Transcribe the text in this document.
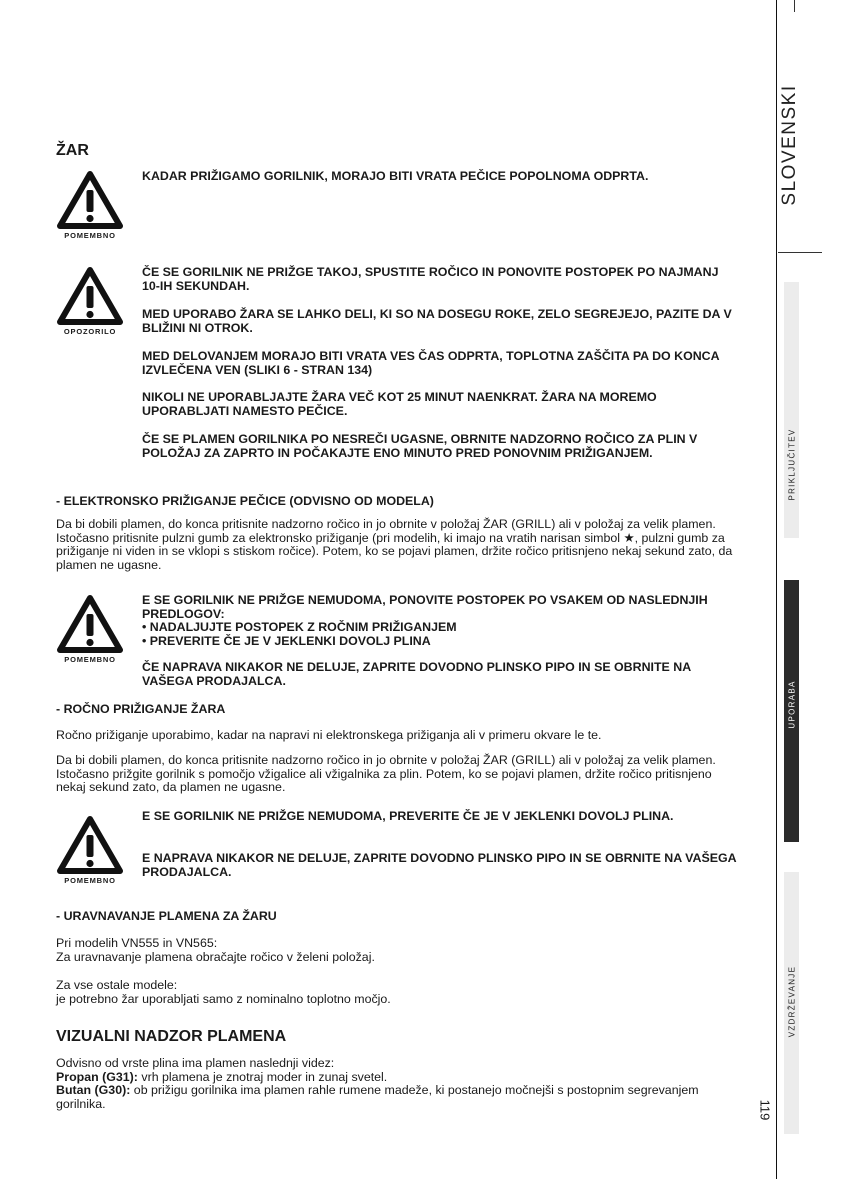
SLOVENSKI
PRIKLJUČITEV
UPORABA
VZDRŽEVANJE
119
ŽAR
POMEMBNO

KADAR PRIŽIGAMO GORILNIK, MORAJO BITI VRATA PEČICE POPOLNOMA ODPRTA.

OPOZORILO

ČE SE GORILNIK NE PRIŽGE TAKOJ, SPUSTITE ROČICO IN PONOVITE POSTOPEK PO NAJMANJ 10-IH SEKUNDAH.

MED UPORABO ŽARA SE LAHKO DELI, KI SO NA DOSEGU ROKE, ZELO SEGREJEJO, PAZITE DA V BLIŽINI NI OTROK.

MED DELOVANJEM MORAJO BITI VRATA VES ČAS ODPRTA, TOPLOTNA ZAŠČITA PA DO KONCA IZVLEČENA VEN (SLIKI 6 - STRAN 134)

NIKOLI NE UPORABLJAJTE ŽARA VEČ KOT 25 MINUT NAENKRAT. ŽARA NA MOREMO UPORABLJATI NAMESTO PEČICE.

ČE SE PLAMEN GORILNIKA PO NESREČI UGASNE, OBRNITE NADZORNO ROČICO ZA PLIN V POLOŽAJ ZA ZAPRTO IN POČAKAJTE ENO MINUTO PRED PONOVNIM PRIŽIGANJEM.

- ELEKTRONSKO PRIŽIGANJE PEČICE (ODVISNO OD MODELA)

Da bi dobili plamen, do konca pritisnite nadzorno ročico in jo obrnite v položaj ŽAR (GRILL) ali v položaj za velik plamen. Istočasno pritisnite pulzni gumb za elektronsko prižiganje (pri modelih, ki imajo na vratih narisan simbol ★, pulzni gumb za prižiganje ni viden in se vklopi s stiskom ročice). Potem, ko se pojavi plamen, držite ročico pritisnjeno nekaj sekund zato, da plamen ne ugasne.

POMEMBNO

E SE GORILNIK NE PRIŽGE NEMUDOMA, PONOVITE POSTOPEK PO VSAKEM OD NASLEDNJIH PREDLOGOV:

• NADALJUJTE POSTOPEK Z ROČNIM PRIŽIGANJEM

• PREVERITE ČE JE V JEKLENKI DOVOLJ PLINA

ČE NAPRAVA NIKAKOR NE DELUJE, ZAPRITE DOVODNO PLINSKO PIPO IN SE OBRNITE NA VAŠEGA PRODAJALCA.

- ROČNO PRIŽIGANJE ŽARA

Ročno prižiganje uporabimo, kadar na napravi ni elektronskega prižiganja ali v primeru okvare le te.

Da bi dobili plamen, do konca pritisnite nadzorno ročico in jo obrnite v položaj ŽAR (GRILL) ali v položaj za velik plamen. Istočasno prižgite gorilnik s pomočjo vžigalice ali vžigalnika za plin. Potem, ko se pojavi plamen, držite ročico pritisnjeno nekaj sekund zato, da plamen ne ugasne.

POMEMBNO

E SE GORILNIK NE PRIŽGE NEMUDOMA, PREVERITE ČE JE V JEKLENKI DOVOLJ PLINA.

E NAPRAVA NIKAKOR NE DELUJE, ZAPRITE DOVODNO PLINSKO PIPO IN SE OBRNITE NA VAŠEGA PRODAJALCA.

- URAVNAVANJE PLAMENA ZA ŽARU

Pri modelih VN555 in VN565:

Za uravnavanje plamena obračajte ročico v želeni položaj.

Za vse ostale modele:

je potrebno žar uporabljati samo z nominalno toplotno močjo.

VIZUALNI NADZOR PLAMENA

Odvisno od vrste plina ima plamen naslednji videz:

Propan (G31): vrh plamena je znotraj moder in zunaj svetel.

Butan (G30): ob prižigu gorilnika ima plamen rahle rumene madeže, ki postanejo močnejši s postopnim segrevanjem gorilnika.
